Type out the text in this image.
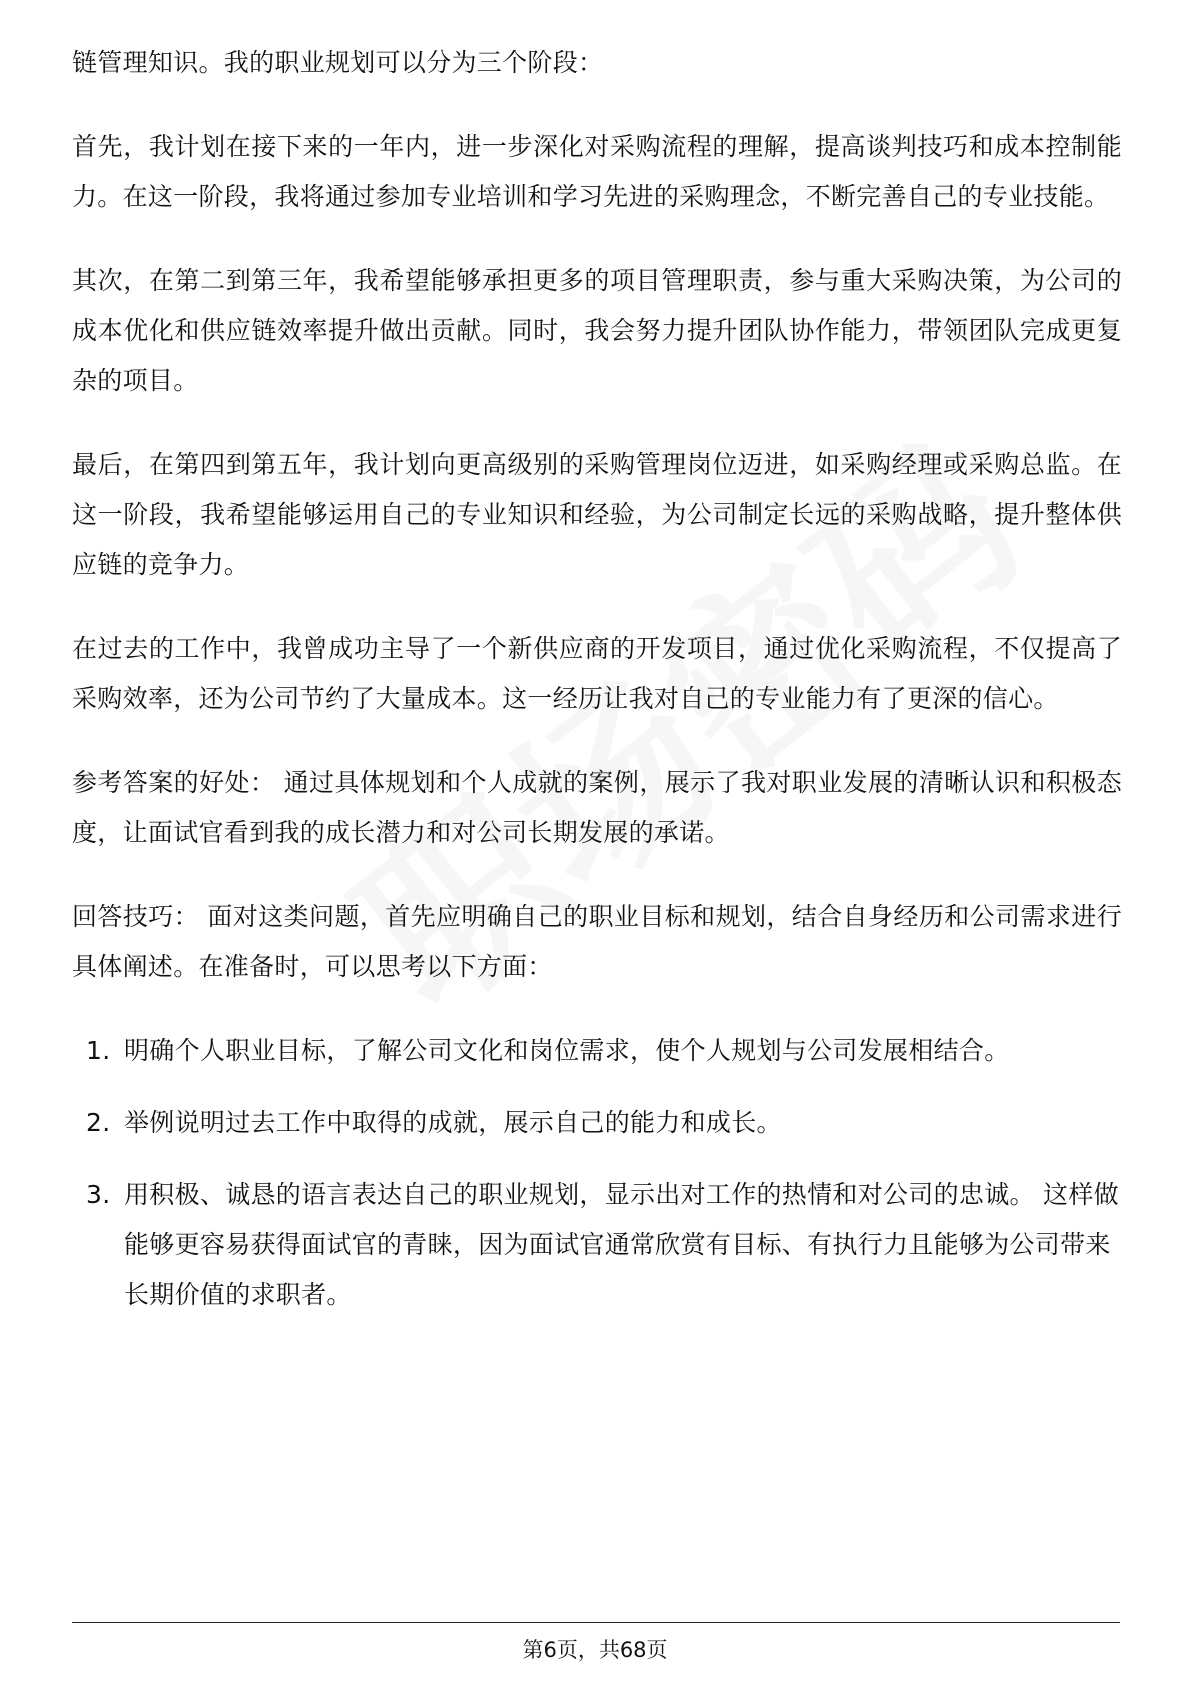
链管理知识。我的职业规划可以分为三个阶段：

首先，我计划在接下来的一年内，进一步深化对采购流程的理解，提高谈判技巧和成本控制能力。在这一阶段，我将通过参加专业培训和学习先进的采购理念，不断完善自己的专业技能。

其次，在第二到第三年，我希望能够承担更多的项目管理职责，参与重大采购决策，为公司的成本优化和供应链效率提升做出贡献。同时，我会努力提升团队协作能力，带领团队完成更复杂的项目。

最后，在第四到第五年，我计划向更高级别的采购管理岗位迈进，如采购经理或采购总监。在这一阶段，我希望能够运用自己的专业知识和经验，为公司制定长远的采购战略，提升整体供应链的竞争力。

在过去的工作中，我曾成功主导了一个新供应商的开发项目，通过优化采购流程，不仅提高了采购效率，还为公司节约了大量成本。这一经历让我对自己的专业能力有了更深的信心。

参考答案的好处： 通过具体规划和个人成就的案例，展示了我对职业发展的清晰认识和积极态度，让面试官看到我的成长潜力和对公司长期发展的承诺。

回答技巧： 面对这类问题，首先应明确自己的职业目标和规划，结合自身经历和公司需求进行具体阐述。在准备时，可以思考以下方面：

1. 明确个人职业目标，了解公司文化和岗位需求，使个人规划与公司发展相结合。
2. 举例说明过去工作中取得的成就，展示自己的能力和成长。
3. 用积极、诚恳的语言表达自己的职业规划，显示出对工作的热情和对公司的忠诚。 这样做能够更容易获得面试官的青睐，因为面试官通常欣赏有目标、有执行力且能够为公司带来长期价值的求职者。
第6页，共68页
